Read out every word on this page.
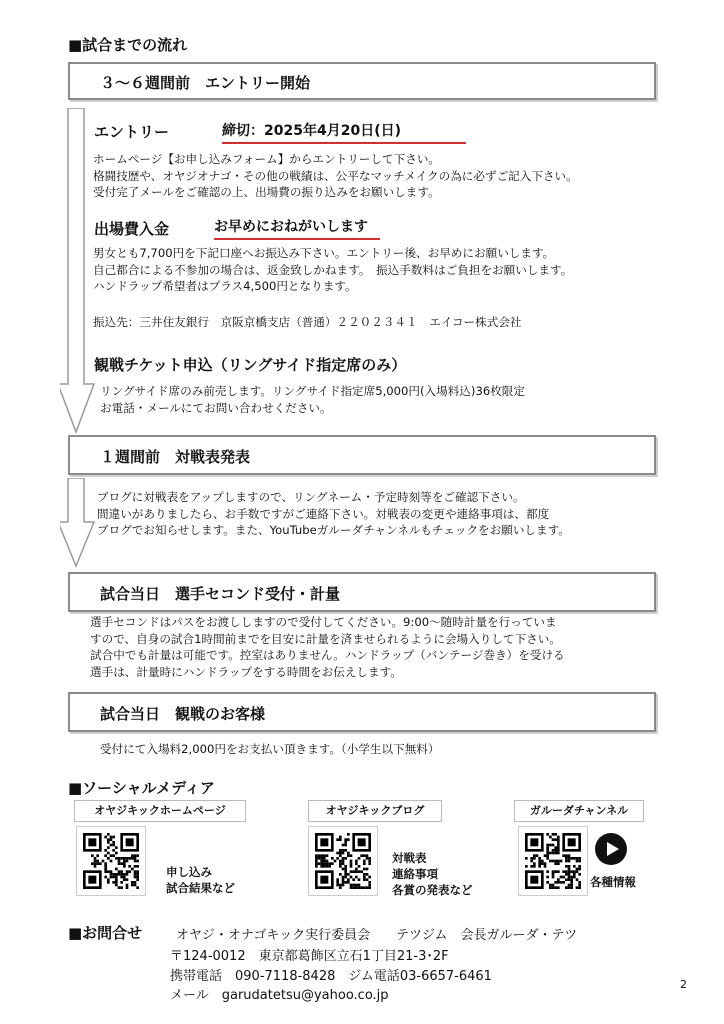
■試合までの流れ
３～６週間前　エントリー開始
エントリー	締切：2025年4月20日(日)
ホームページ【お申し込みフォーム】からエントリーして下さい。
格闘技歴や、オヤジオナゴ・その他の戦績は、公平なマッチメイクの為に必ずご記入下さい。
受付完了メールをご確認の上、出場費の振り込みをお願いします。
出場費入金	お早めにおねがいします
男女とも7,700円を下記口座へお振込み下さい。エントリー後、お早めにお願いします。
自己都合による不参加の場合は、返金致しかねます。　振込手数料はご負担をお願いします。
ハンドラップ希望者はプラス4,500円となります。
振込先：三井住友銀行　京阪京橋支店（普通）２２０２３４１　エイコー株式会社
観戦チケット申込（リングサイド指定席のみ）
リングサイド席のみ前売します。リングサイド指定席5,000円(入場料込)36枚限定
お電話・メールにてお問い合わせください。
１週間前　対戦表発表
ブログに対戦表をアップしますので、リングネーム・予定時刻等をご確認下さい。
間違いがありましたら、お手数ですがご連絡下さい。対戦表の変更や連絡事項は、都度
ブログでお知らせします。また、YouTubeガルーダチャンネルもチェックをお願いします。
試合当日　選手セコンド受付・計量
選手セコンドはパスをお渡ししますので受付してください。9:00～随時計量を行っていま
すので、自身の試合1時間前までを目安に計量を済ませられるように会場入りして下さい。
試合中でも計量は可能です。控室はありません。ハンドラップ（バンテージ巻き）を受ける
選手は、計量時にハンドラップをする時間をお伝えします。
試合当日　観戦のお客様
受付にて入場料2,000円をお支払い頂きます。（小学生以下無料）
■ソーシャルメディア
オヤジキックホームページ
申し込み
試合結果など
オヤジキックブログ
対戦表
連絡事項
各賞の発表など
ガルーダチャンネル
各種情報
■お問合せ	オヤジ・オナゴキック実行委員会　　テツジム　会長ガルーダ・テツ
〒124-0012　東京都葛飾区立石1丁目21-3･2F
携帯電話　090-7118-8428　ジム電話03-6657-6461
メール　garudatetsu@yahoo.co.jp
2
